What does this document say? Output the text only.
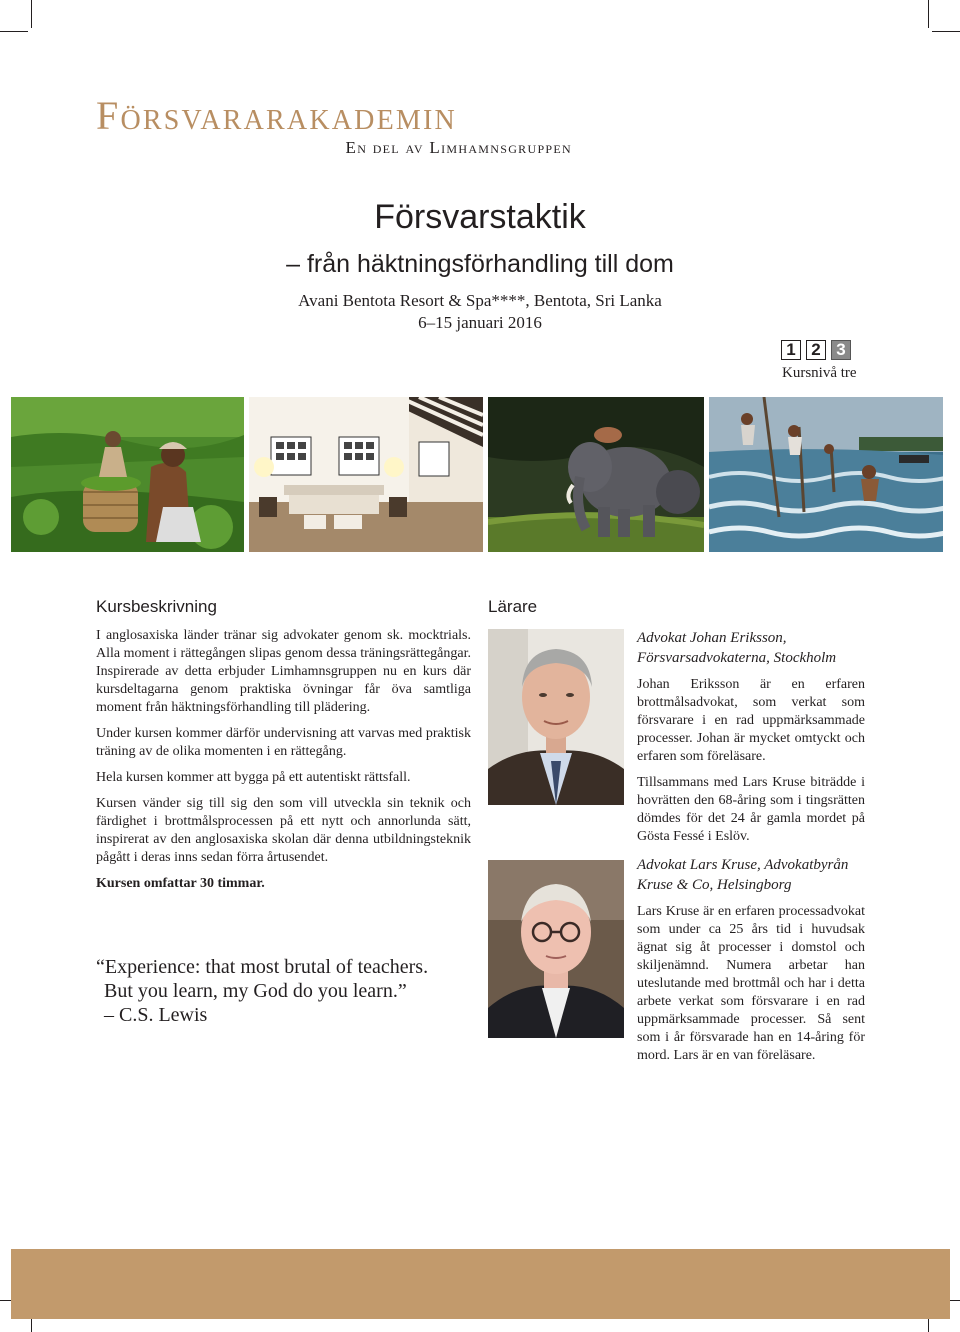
Försvararakademin
En del av Limhamnsgruppen
Försvarstaktik
– från häktningsförhandling till dom
Avani Bentota Resort & Spa****, Bentota, Sri Lanka
6–15 januari 2016
1 2 3
Kursnivå tre
Kursbeskrivning

I anglosaxiska länder tränar sig advokater genom sk. mocktrials. Alla moment i rättegången slipas genom dessa träningsrättegångar. Inspirerade av detta erbjuder Limhamnsgruppen nu en kurs där kursdeltagarna genom praktiska övningar får öva samtliga moment från häktningsförhandling till plädering.

Under kursen kommer därför undervisning att varvas med praktisk träning av de olika momenten i en rättegång.

Hela kursen kommer att bygga på ett autentiskt rättsfall.

Kursen vänder sig till sig den som vill utveckla sin teknik och färdighet i brottmålsprocessen på ett nytt och annorlunda sätt, inspirerat av den anglosaxiska skolan där denna utbildningsteknik pågått i deras inns sedan förra årtusendet.

Kursen omfattar 30 timmar.

“Experience: that most brutal of teachers.
But you learn, my God do you learn.”
– C.S. Lewis
Lärare

Advokat Johan Eriksson, Försvarsadvokaterna, Stockholm

Johan Eriksson är en erfaren brottmålsadvokat, som verkat som försvarare i en rad uppmärksammade processer. Johan är mycket omtyckt och erfaren som föreläsare.

Tillsammans med Lars Kruse biträdde i hovrätten den 68-åring som i tingsrätten dömdes för det 24 år gamla mordet på Gösta Fessé i Eslöv.

Advokat Lars Kruse, Advokatbyrån Kruse & Co, Helsingborg

Lars Kruse är en erfaren processadvokat som under ca 25 års tid i huvudsak ägnat sig åt processer i domstol och skiljenämnd. Numera arbetar han uteslutande med brottmål och har i detta arbete verkat som försvarare i en rad uppmärksammade processer. Så sent som i år försvarade han en 14-åring för mord. Lars är en van föreläsare.
